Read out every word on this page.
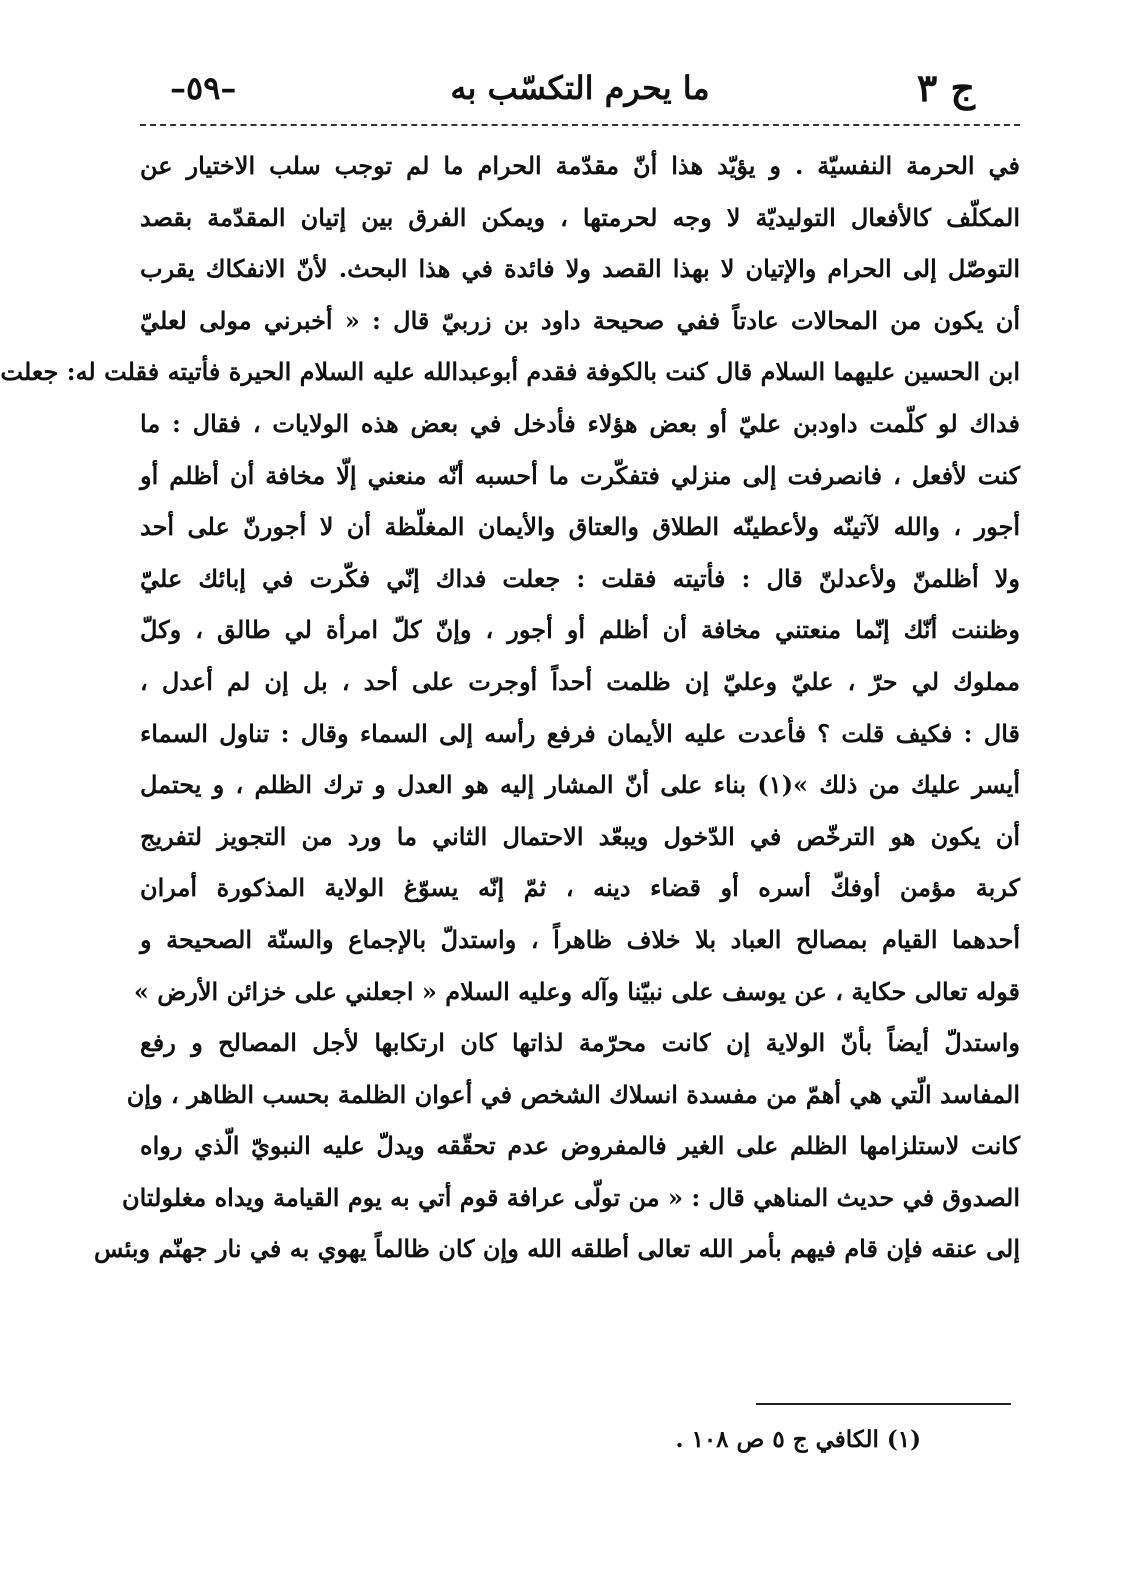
ج ٣
ما يحرم التكسّب به
–٥٩–
في الحرمة النفسيّة . و يؤيّد هذا أنّ مقدّمة الحرام ما لم توجب سلب الاختيار عن
المكلّف كالأفعال التوليديّة لا وجه لحرمتها ، ويمكن الفرق بين إتيان المقدّمة بقصد
التوصّل إلى الحرام والإتيان لا بهذا القصد ولا فائدة في هذا البحث. لأنّ الانفكاك يقرب
أن يكون من المحالات عادتاً ففي صحيحة داود بن زربيّ قال : « أخبرني مولى لعليّ
ابن الحسين عليهما السلام قال كنت بالكوفة فقدم أبوعبدالله عليه السلام الحيرة فأتيته فقلت له: جعلت
فداك لو كلّمت داودبن عليّ أو بعض هؤلاء فأدخل في بعض هذه الولايات ، فقال : ما
كنت لأفعل ، فانصرفت إلى منزلي فتفكّرت ما أحسبه أنّه منعني إلّا مخافة أن أظلم أو
أجور ، والله لآتينّه ولأعطينّه الطلاق والعتاق والأيمان المغلّظة أن لا أجورنّ على أحد
ولا أظلمنّ ولأعدلنّ قال : فأتيته فقلت : جعلت فداك إنّي فكّرت في إبائك عليّ
وظننت أنّك إنّما منعتني مخافة أن أظلم أو أجور ، وإنّ كلّ امرأة لي طالق ، وكلّ
مملوك لي حرّ ، عليّ وعليّ إن ظلمت أحداً أوجرت على أحد ، بل إن لم أعدل ،
قال : فكيف قلت ؟ فأعدت عليه الأيمان فرفع رأسه إلى السماء وقال : تناول السماء
أيسر عليك من ذلك »(١) بناء على أنّ المشار إليه هو العدل و ترك الظلم ، و يحتمل
أن يكون هو الترخّص في الدّخول ويبعّد الاحتمال الثاني ما ورد من التجويز لتفريج
كربة مؤمن أوفكّ أسره أو قضاء دينه ، ثمّ إنّه يسوّغ الولاية المذكورة أمران
أحدهما القيام بمصالح العباد بلا خلاف ظاهراً ، واستدلّ بالإجماع والسنّة الصحيحة و
قوله تعالى حكاية ، عن يوسف على نبيّنا وآله وعليه السلام « اجعلني على خزائن الأرض »
واستدلّ أيضاً بأنّ الولاية إن كانت محرّمة لذاتها كان ارتكابها لأجل المصالح و رفع
المفاسد الّتي هي أهمّ من مفسدة انسلاك الشخص في أعوان الظلمة بحسب الظاهر ، وإن
كانت لاستلزامها الظلم على الغير فالمفروض عدم تحقّقه ويدلّ عليه النبويّ الّذي رواه
الصدوق في حديث المناهي قال : « من تولّى عرافة قوم أتي به يوم القيامة ويداه مغلولتان
إلى عنقه فإن قام فيهم بأمر الله تعالى أطلقه الله وإن كان ظالماً يهوي به في نار جهنّم وبئس
(١) الكافي ج ٥ ص ١٠٨ .
